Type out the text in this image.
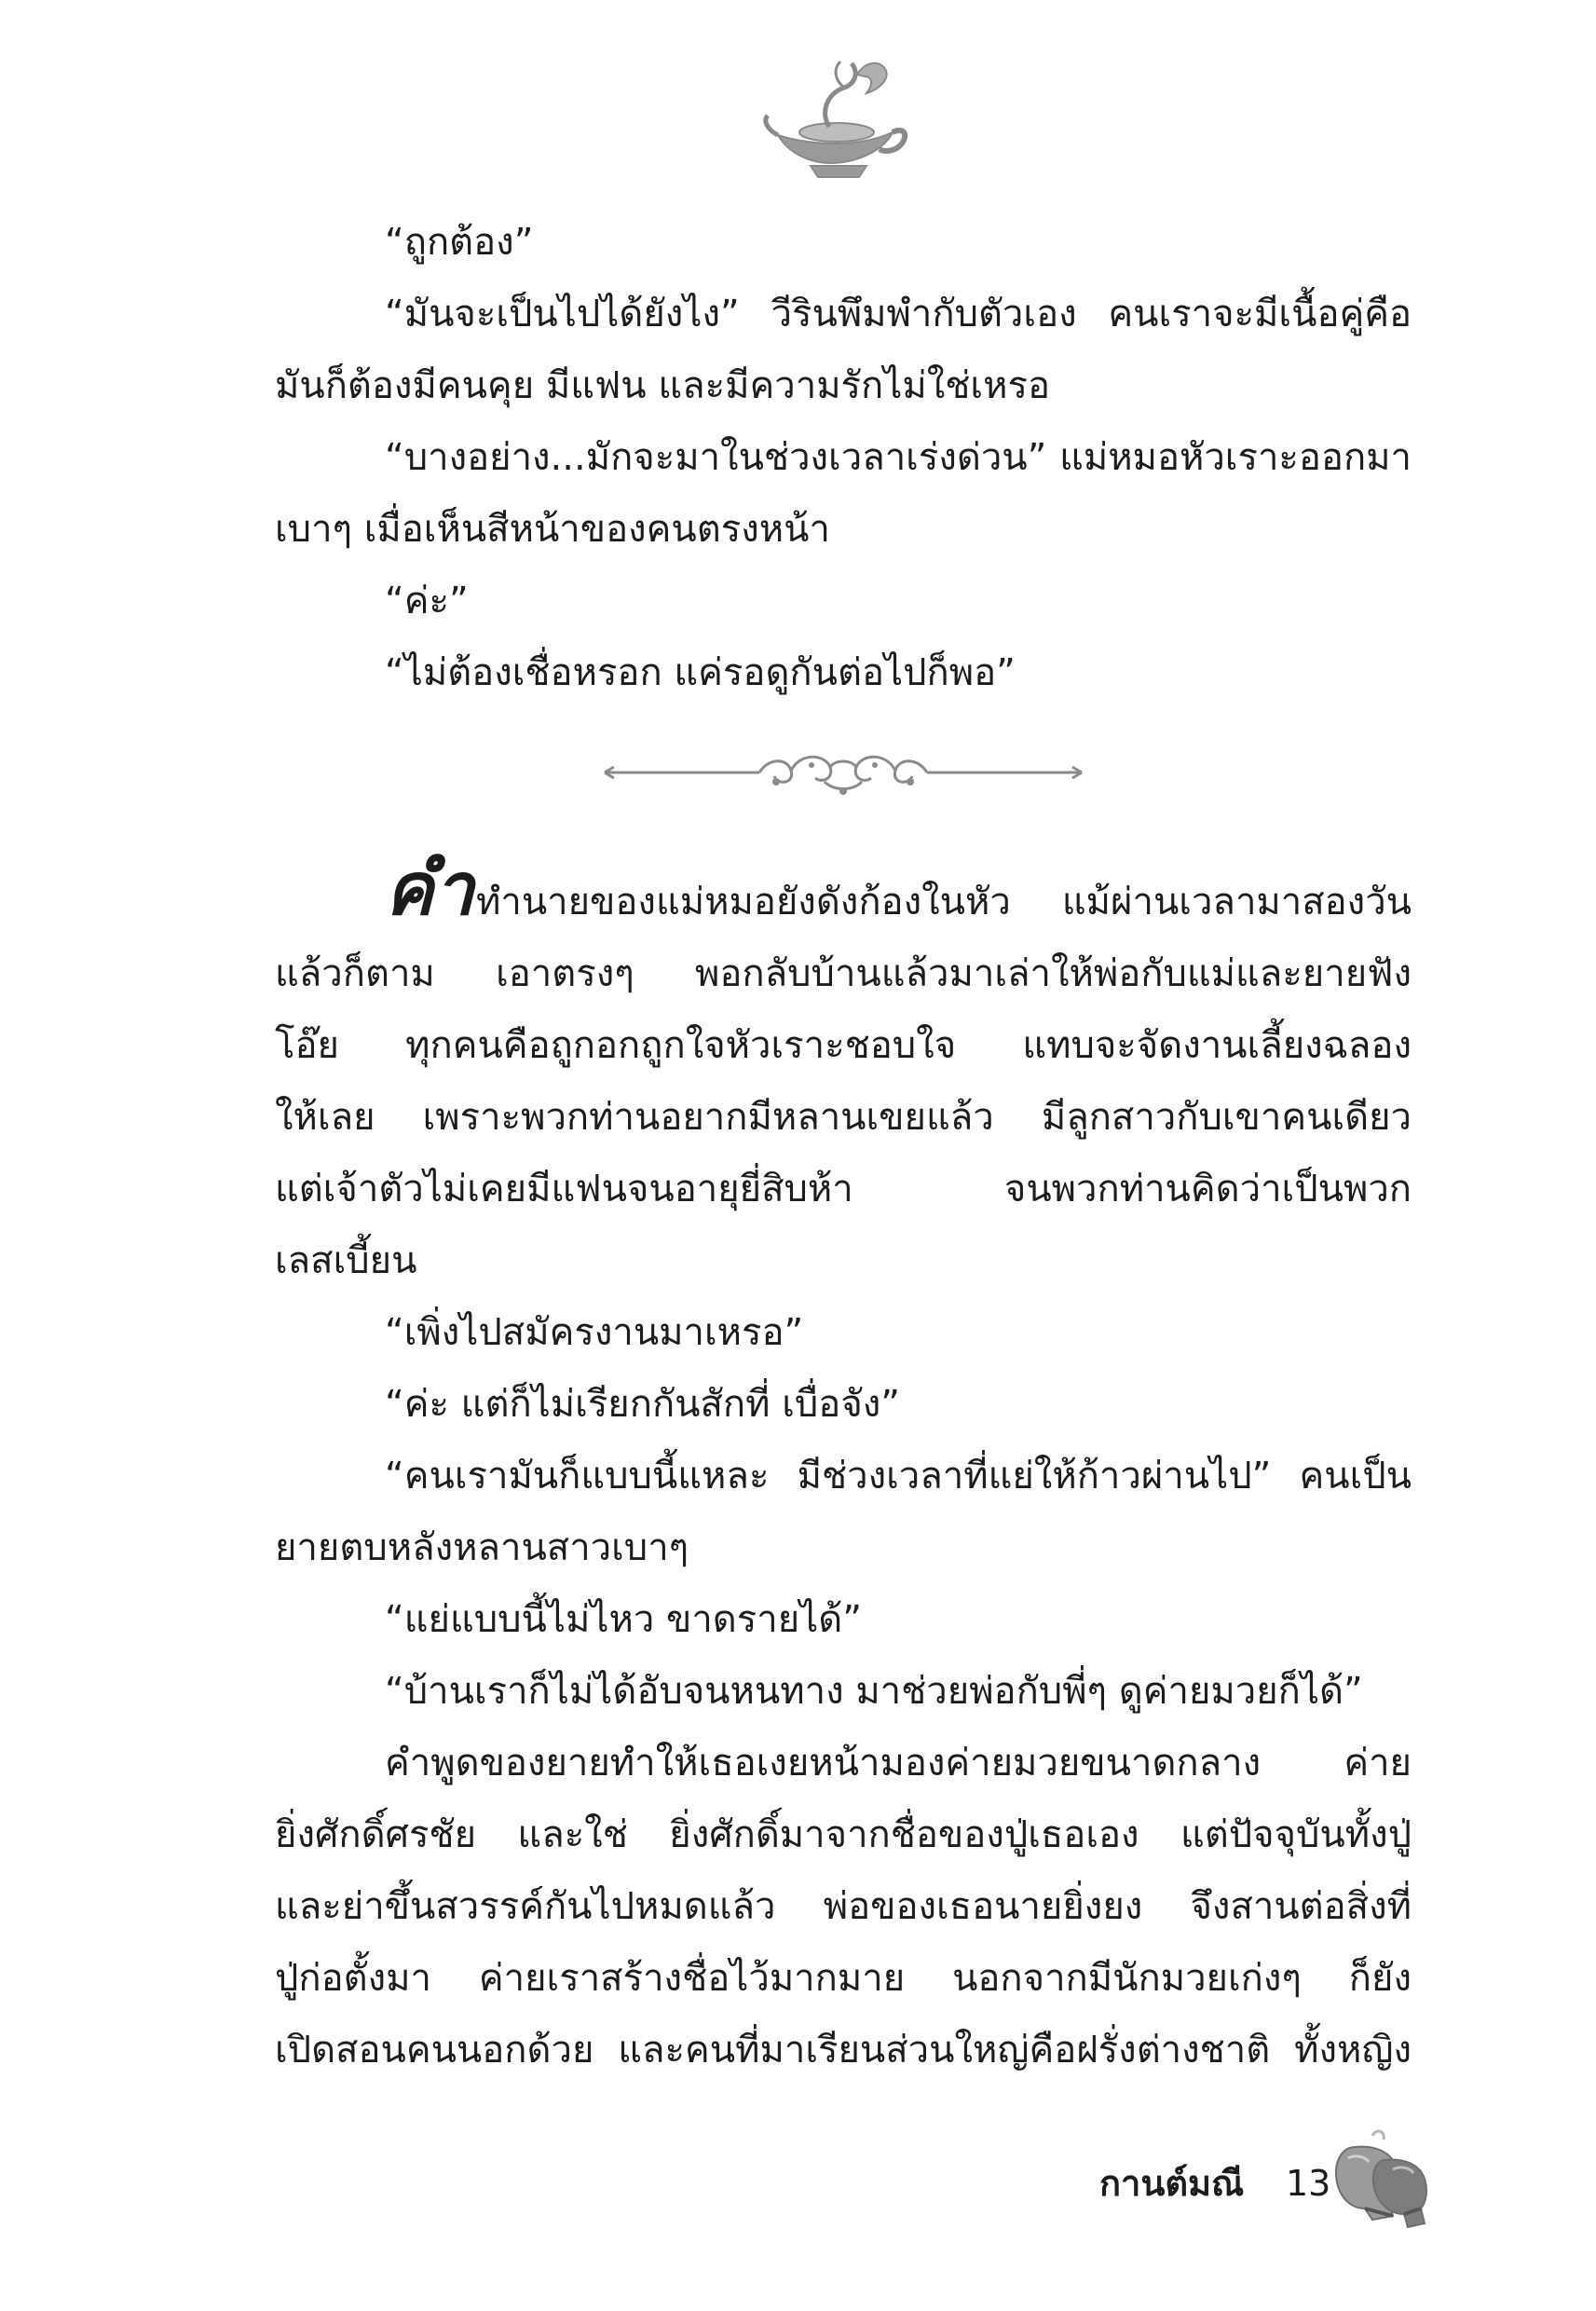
“ถูกต้อง”
“มันจะเป็นไปได้ยังไง” วีรินพึมพำกับตัวเอง คนเราจะมีเนื้อคู่คือ
มันก็ต้องมีคนคุย มีแฟน และมีความรักไม่ใช่เหรอ
“บางอย่าง...มักจะมาในช่วงเวลาเร่งด่วน” แม่หมอหัวเราะออกมา
เบาๆ เมื่อเห็นสีหน้าของคนตรงหน้า
“ค่ะ”
“ไม่ต้องเชื่อหรอก แค่รอดูกันต่อไปก็พอ”
คำทำนายของแม่หมอยังดังก้องในหัว แม้ผ่านเวลามาสองวัน
แล้วก็ตาม เอาตรงๆ พอกลับบ้านแล้วมาเล่าให้พ่อกับแม่และยายฟัง
โอ๊ย ทุกคนคือถูกอกถูกใจหัวเราะชอบใจ แทบจะจัดงานเลี้ยงฉลอง
ให้เลย เพราะพวกท่านอยากมีหลานเขยแล้ว มีลูกสาวกับเขาคนเดียว
แต่เจ้าตัวไม่เคยมีแฟนจนอายุยี่สิบห้า จนพวกท่านคิดว่าเป็นพวก
เลสเบี้ยน
“เพิ่งไปสมัครงานมาเหรอ”
“ค่ะ แต่ก็ไม่เรียกกันสักที่ เบื่อจัง”
“คนเรามันก็แบบนี้แหละ มีช่วงเวลาที่แย่ให้ก้าวผ่านไป” คนเป็น
ยายตบหลังหลานสาวเบาๆ
“แย่แบบนี้ไม่ไหว ขาดรายได้”
“บ้านเราก็ไม่ได้อับจนหนทาง มาช่วยพ่อกับพี่ๆ ดูค่ายมวยก็ได้”
คำพูดของยายทำให้เธอเงยหน้ามองค่ายมวยขนาดกลาง ค่าย
ยิ่งศักดิ์ศรชัย และใช่ ยิ่งศักดิ์มาจากชื่อของปู่เธอเอง แต่ปัจจุบันทั้งปู่
และย่าขึ้นสวรรค์กันไปหมดแล้ว พ่อของเธอนายยิ่งยง จึงสานต่อสิ่งที่
ปู่ก่อตั้งมา ค่ายเราสร้างชื่อไว้มากมาย นอกจากมีนักมวยเก่งๆ ก็ยัง
เปิดสอนคนนอกด้วย และคนที่มาเรียนส่วนใหญ่คือฝรั่งต่างชาติ ทั้งหญิง
กานต์มณี 13
